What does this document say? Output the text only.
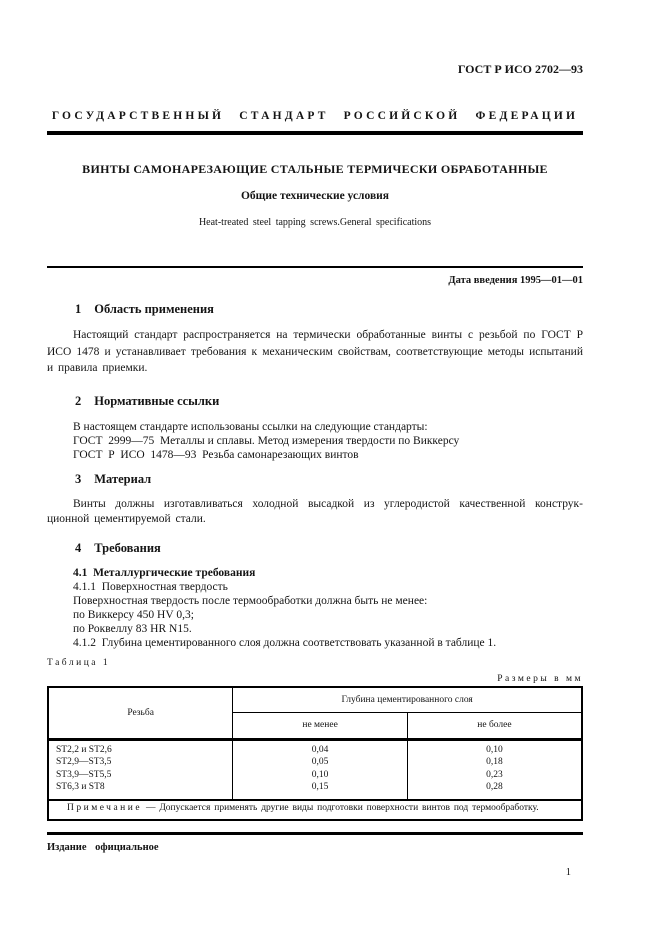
ГОСТ Р ИСО 2702—93
ГОСУДАРСТВЕННЫЙ СТАНДАРТ РОССИЙСКОЙ ФЕДЕРАЦИИ
ВИНТЫ САМОНАРЕЗАЮЩИЕ СТАЛЬНЫЕ ТЕРМИЧЕСКИ ОБРАБОТАННЫЕ
Общие технические условия
Heat-treated steel tapping screws.General specifications
Дата введения 1995—01—01
1 Область применения

Настоящий стандарт распространяется на термически обработанные винты с резьбой по ГОСТ Р ИСО 1478 и устанавливает требования к механическим свойствам, соответствующие методы испытаний и правила приемки.

2 Нормативные ссылки
В настоящем стандарте использованы ссылки на следующие стандарты:
ГОСТ  2999—75  Металлы и сплавы. Метод измерения твердости по Виккерсу
ГОСТ  Р  ИСО  1478—93  Резьба самонарезающих винтов
3 Материал

Винты должны изготавливаться холодной высадкой из углеродистой качественной конструкционной цементируемой стали.

4 Требования
4.1  Металлургические требования
4.1.1  Поверхностная твердость
Поверхностная твердость после термообработки должна быть не менее:
по Виккерсу 450 HV 0,3;
по Роквеллу 83 HR N15.
4.1.2  Глубина цементированного слоя должна соответствовать указанной в таблице 1.
Таблица 1
Размеры в мм
Резьба	Глубина цементированного слоя	
	не менее	не более
ST2,2 и ST2,6	0,04	0,10
ST2,9—ST3,5	0,05	0,18
ST3,9—ST5,5	0,10	0,23
ST6,3 и ST8	0,15	0,28
Примечание — Допускается применять другие виды подготовки поверхности винтов под термообработку.		
Издание официальное
1
